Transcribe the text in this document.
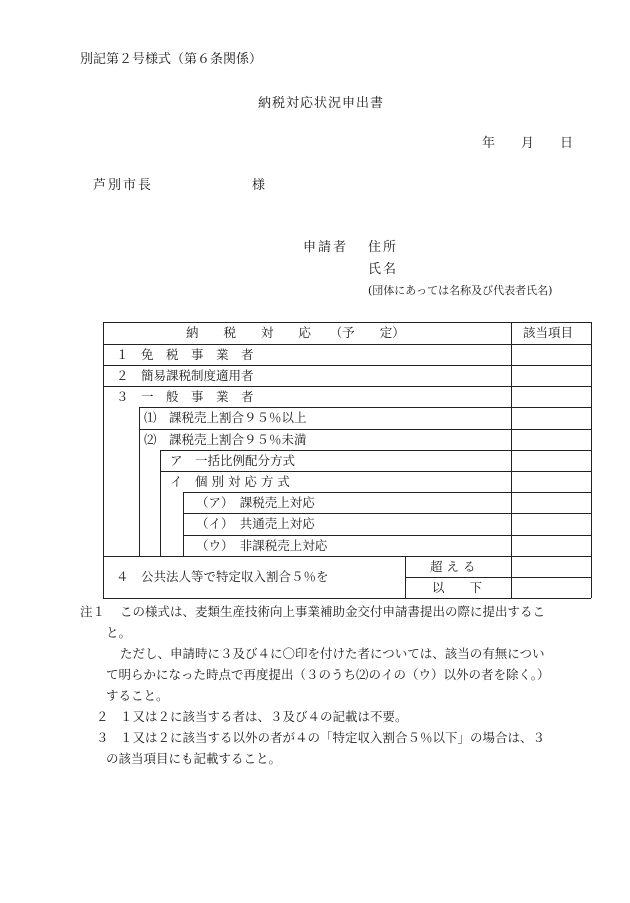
別記第２号様式（第６条関係）
納税対応状況申出書
年 月 日
芦別市長	様
申請者 住所
氏名
(団体にあっては名称及び代表者氏名)
納　　税　　対　　応　　（予　　定）	該当項目
１　免　税　事　業　者
２　簡易課税制度適用者
３　一　般　事　業　者
⑴　課税売上割合９５％以上
⑵　課税売上割合９５％未満
ア　一括比例配分方式
イ　個 別 対 応 方 式
（ア）　課税売上対応
（イ）　共通売上対応
（ウ）　非課税売上対応
４　公共法人等で特定収入割合５％を
超 え る
以　　下
注１ この様式は、麦類生産技術向上事業補助金交付申請書提出の際に提出するこ
と。
ただし、申請時に３及び４に〇印を付けた者については、該当の有無につい
て明らかになった時点で再度提出（３のうち⑵のイの（ウ）以外の者を除く。）
すること。
２ １又は２に該当する者は、３及び４の記載は不要。
３ １又は２に該当する以外の者が４の「特定収入割合５％以下」の場合は、３
の該当項目にも記載すること。
